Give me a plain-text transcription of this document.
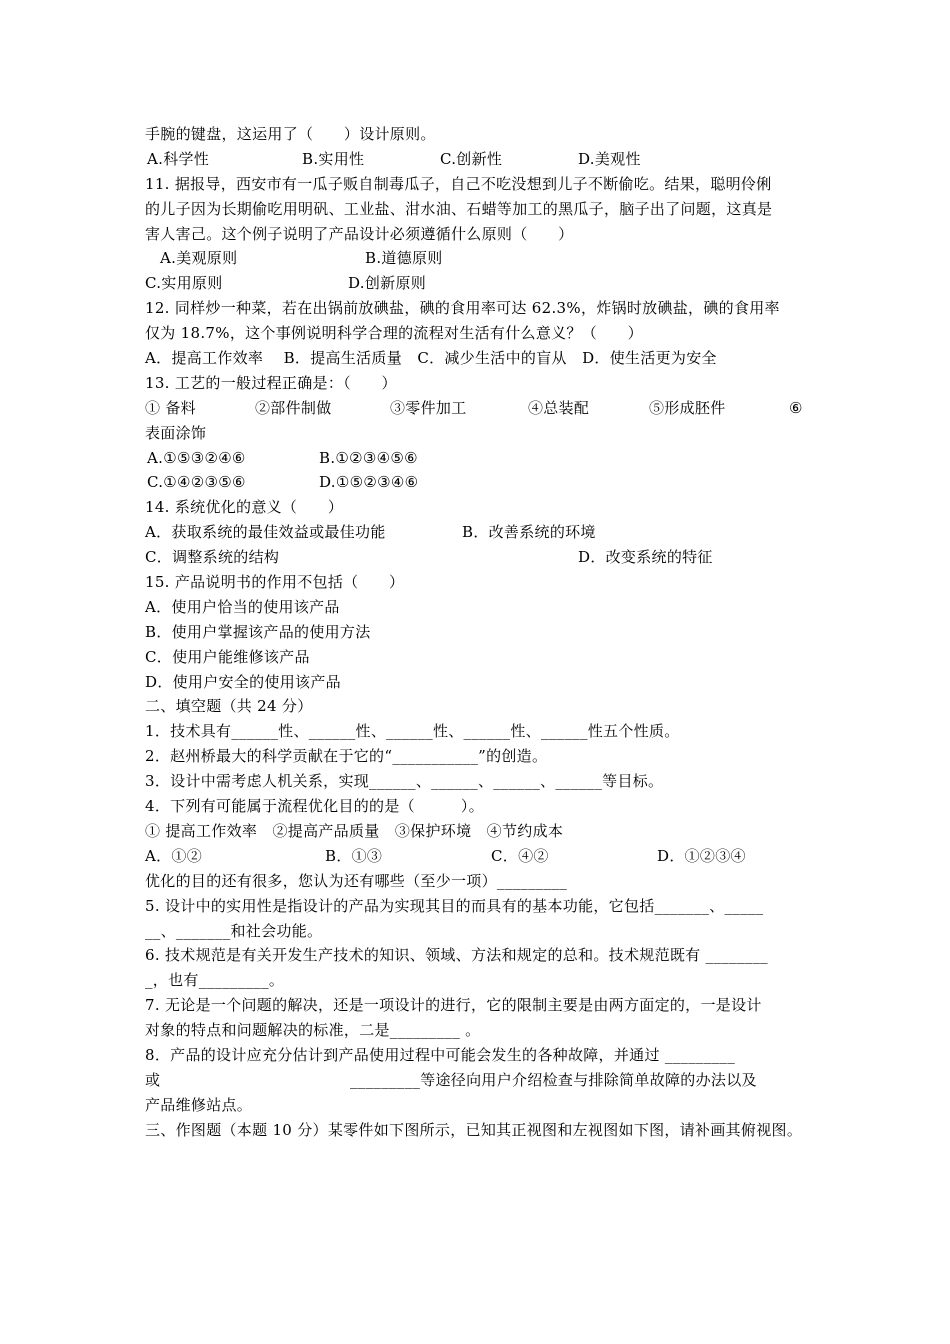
手腕的键盘，这运用了（　　）设计原则。
A.科学性	B.实用性	C.创新性	D.美观性
11. 据报导，西安市有一瓜子贩自制毒瓜子，自己不吃没想到儿子不断偷吃。结果，聪明伶俐
的儿子因为长期偷吃用明矾、工业盐、泔水油、石蜡等加工的黑瓜子，脑子出了问题，这真是
害人害己。这个例子说明了产品设计必须遵循什么原则（　　）
A.美观原则	B.道德原则
C.实用原则	D.创新原则
12. 同样炒一种菜，若在出锅前放碘盐，碘的食用率可达 62.3%，炸锅时放碘盐，碘的食用率
仅为 18.7%，这个事例说明科学合理的流程对生活有什么意义？（　　）
A．提高工作效率　 B．提高生活质量　C．减少生活中的盲从　D．使生活更为安全
13. 工艺的一般过程正确是：（　　）
① 备料	②部件制做	③零件加工	④总装配	⑤形成胚件	⑥
表面涂饰
A.①⑤③②④⑥	B.①②③④⑤⑥
C.①④②③⑤⑥	D.①⑤②③④⑥
14. 系统优化的意义（　　）
A．获取系统的最佳效益或最佳功能	B．改善系统的环境
C．调整系统的结构	D．改变系统的特征
15. 产品说明书的作用不包括（　　）
A．使用户恰当的使用该产品
B．使用户掌握该产品的使用方法
C．使用户能维修该产品
D．使用户安全的使用该产品
二、填空题（共 24 分）
1．技术具有______性、______性、______性、______性、______性五个性质。
2．赵州桥最大的科学贡献在于它的“___________”的创造。
3．设计中需考虑人机关系，实现______、______、______、______等目标。
4．下列有可能属于流程优化目的的是（　　　）。
① 提高工作效率　②提高产品质量　③保护环境　④节约成本
A．①②	B．①③	C．④②	D．①②③④
优化的目的还有很多，您认为还有哪些（至少一项）_________
5. 设计中的实用性是指设计的产品为实现其目的而具有的基本功能，它包括_______、_____
__、_______和社会功能。
6. 技术规范是有关开发生产技术的知识、领域、方法和规定的总和。技术规范既有 ________
_，也有_________。
7. 无论是一个问题的解决，还是一项设计的进行，它的限制主要是由两方面定的，一是设计
对象的特点和问题解决的标准，二是_________ 。
8．产品的设计应充分估计到产品使用过程中可能会发生的各种故障，并通过 _________
或	_________等途径向用户介绍检查与排除简单故障的办法以及
产品维修站点。
三、作图题（本题 10 分）某零件如下图所示，已知其正视图和左视图如下图，请补画其俯视图。
